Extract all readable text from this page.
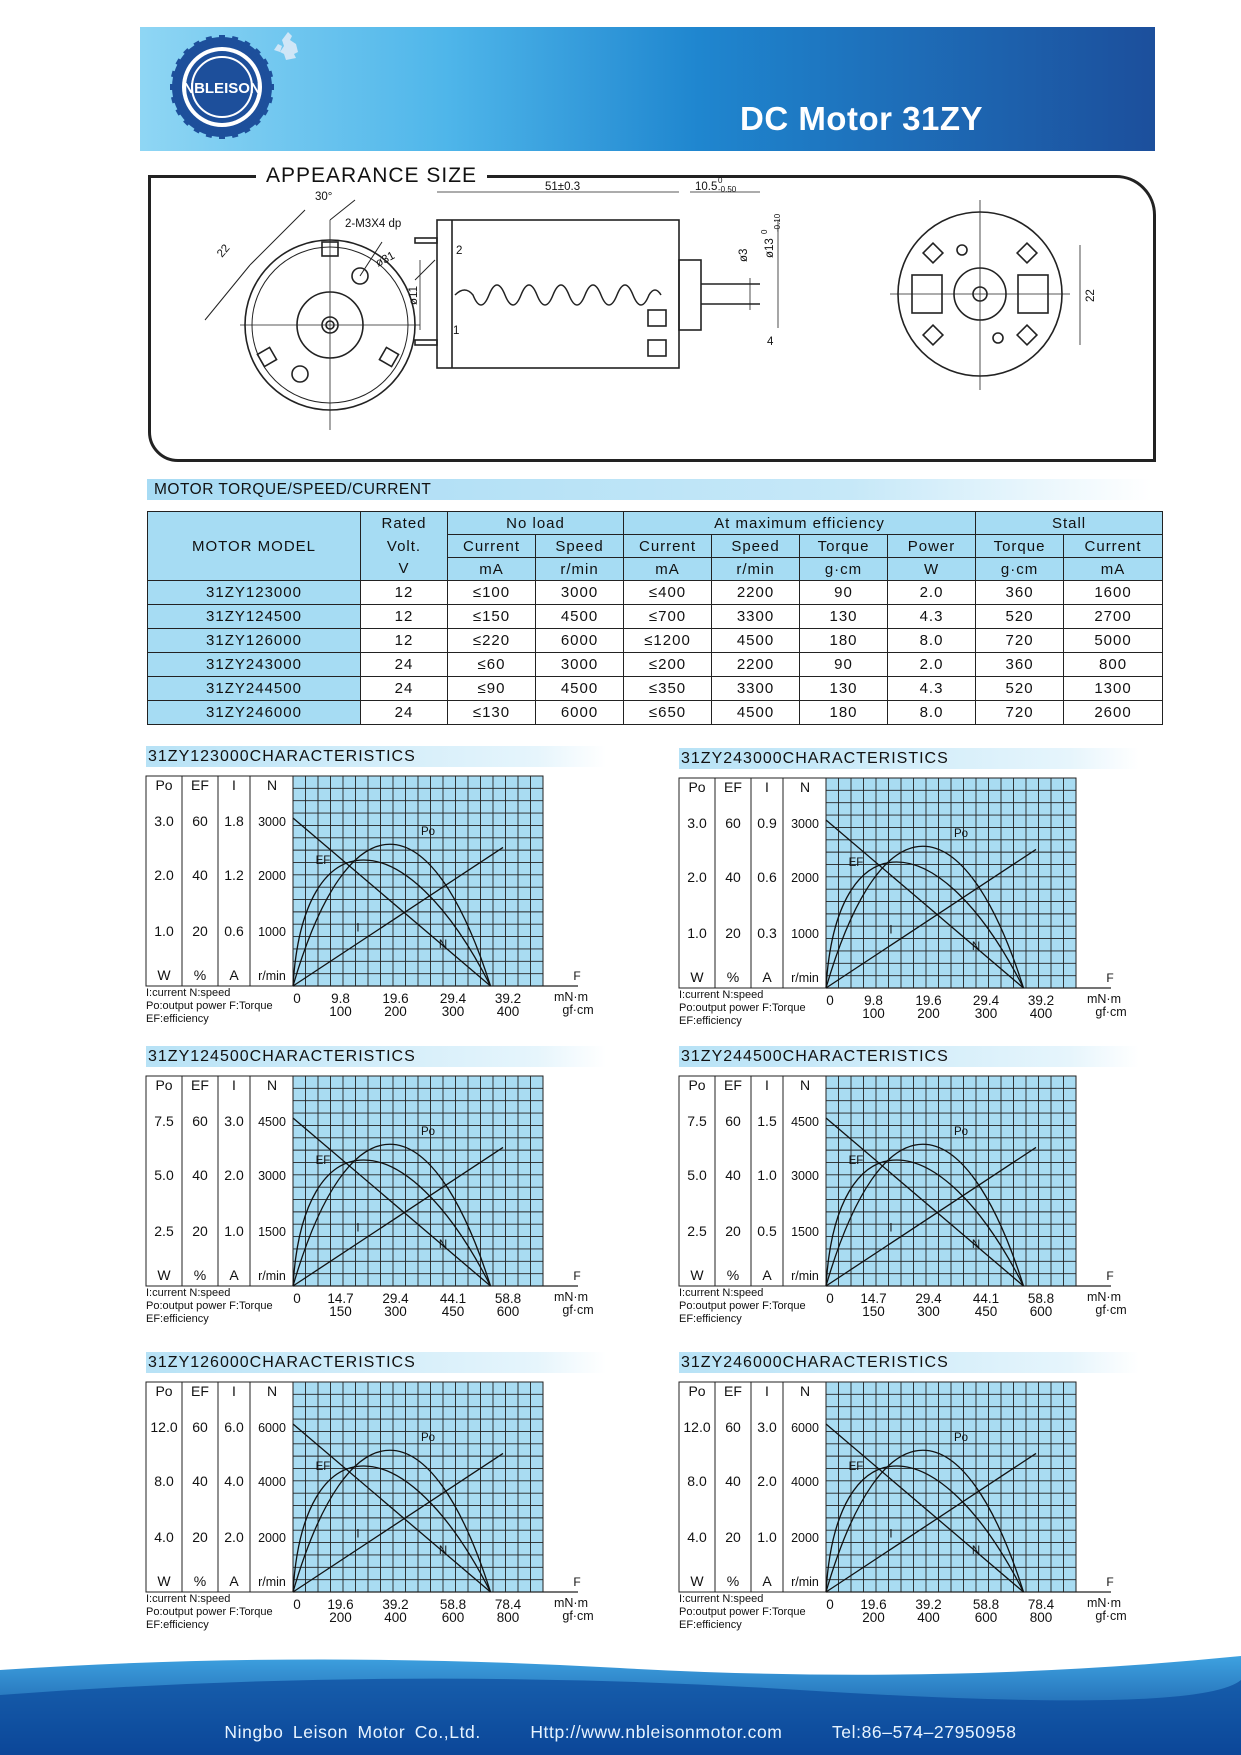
NBLEISON
DC Motor 31ZY
APPEARANCE SIZE
30°
2-M3X4 dp
22	ø31
51±0.3	10.5
0
-0.50
ø3 ø13
0 -0.10
ø11
2
1
4
22
MOTOR TORQUE/SPEED/CURRENT
MOTOR MODEL	Rated	No load		At maximum efficiency				Stall	
	Volt.	Current	Speed	Current	Speed	Torque	Power	Torque	Current
	V	mA	r/min	mA	r/min	g·cm	W	g·cm	mA
31ZY123000	12	≤100	3000	≤400	2200	90	2.0	360	1600
31ZY124500	12	≤150	4500	≤700	3300	130	4.3	520	2700
31ZY126000	12	≤220	6000	≤1200	4500	180	8.0	720	5000
31ZY243000	24	≤60	3000	≤200	2200	90	2.0	360	800
31ZY244500	24	≤90	4500	≤350	3300	130	4.3	520	1300
31ZY246000	24	≤130	6000	≤650	4500	180	8.0	720	2600
31ZY123000CHARACTERISTICS
Po EF I N
3.0 60 1.8 3000
2.0 40 1.2 2000
1.0 20 0.6 1000
W % A r/min	F
0 9.8 19.6 29.4 39.2
100 200	300 400
mN·m
gf·cm
I:current N:speed
Po:output power F:Torque
EF:efficiency
Po
EF
I
N
31ZY243000CHARACTERISTICS
Po EF I N
3.0 60 0.9 3000
2.0 40 0.6 2000
1.0 20 0.3 1000
W % A r/min	F
0 9.8 19.6 29.4 39.2
100 200	300 400
mN·m
gf·cm
I:current N:speed
Po:output power F:Torque
EF:efficiency
Po
EF
I
N
31ZY124500CHARACTERISTICS
Po EF I N
7.5 60 3.0 4500
5.0 40 2.0 3000
2.5 20 1.0 1500
W % A r/min	F
0 14.7 29.4 44.1 58.8
150 300	450 600
mN·m
gf·cm
I:current N:speed
Po:output power F:Torque
EF:efficiency
Po
EF
I
N
31ZY244500CHARACTERISTICS
Po EF I N
7.5 60 1.5 4500
5.0 40 1.0 3000
2.5 20 0.5 1500
W % A r/min	F
0 14.7 29.4 44.1 58.8
150 300	450 600
mN·m
gf·cm
I:current N:speed
Po:output power F:Torque
EF:efficiency
Po
EF
I
N
31ZY126000CHARACTERISTICS
Po EF I N
12.0 60 6.0 6000
8.0 40 4.0 4000
4.0 20 2.0 2000
W % A r/min	F
0 19.6 39.2 58.8 78.4
200 400	600 800
mN·m
gf·cm
I:current N:speed
Po:output power F:Torque
EF:efficiency
Po
EF
I
N
31ZY246000CHARACTERISTICS
Po EF I N
12.0 60 3.0 6000
8.0 40 2.0 4000
4.0 20 1.0 2000
W % A r/min	F
0 19.6 39.2 58.8 78.4
200 400	600 800
mN·m
gf·cm
I:current N:speed
Po:output power F:Torque
EF:efficiency
Po
EF
I
N
Ningbo Leison Motor Co.,Ltd.	Http://www.nbleisonmotor.com	Tel:86–574–27950958
